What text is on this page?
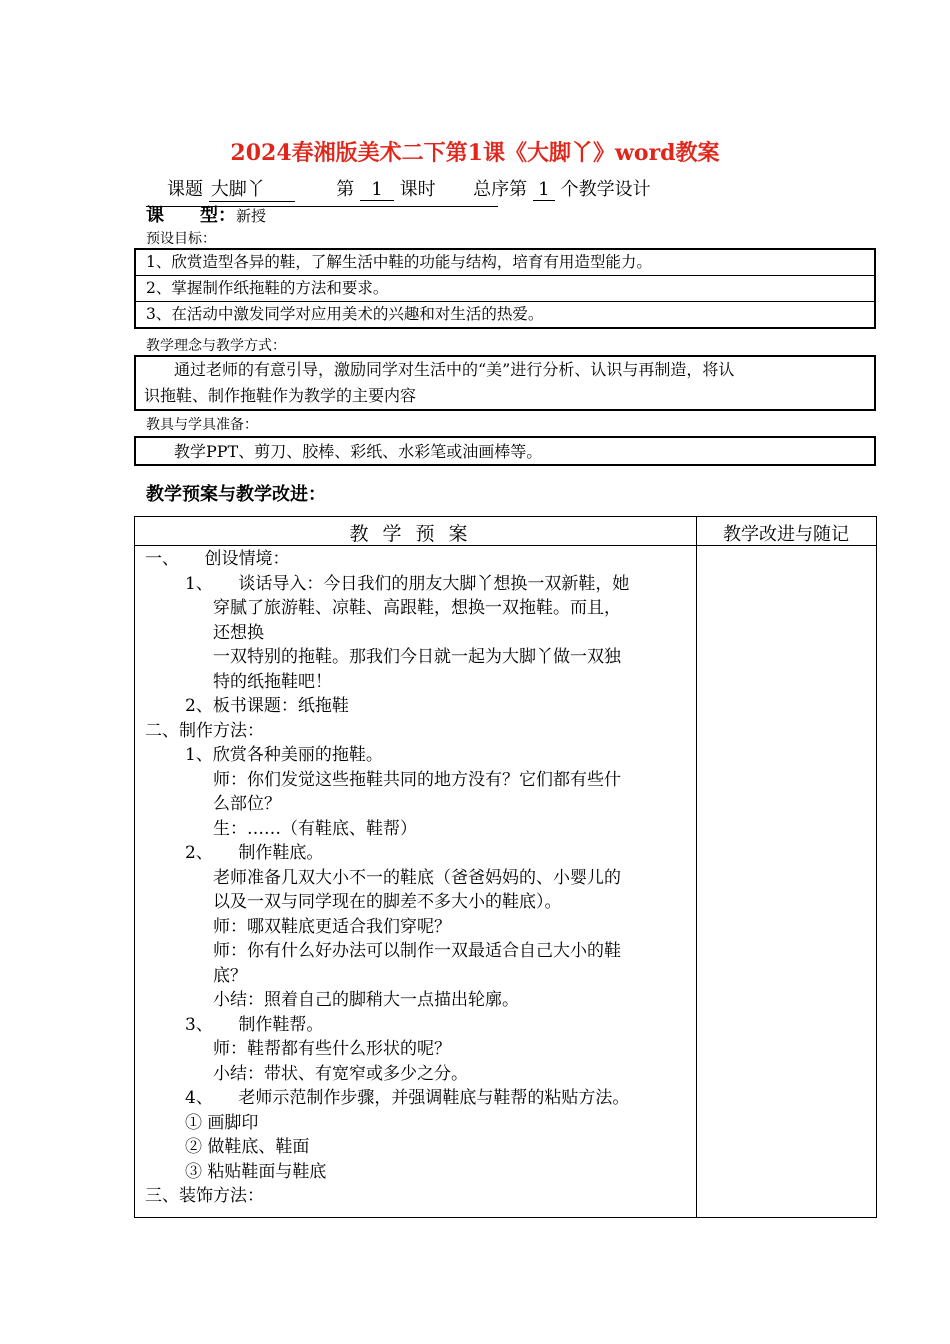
2024春湘版美术二下第1课《大脚丫》word教案
课题 大脚丫	第 1 课时 总序第 1 个教学设计
课　　型：新授
预设目标：
1、欣赏造型各异的鞋，了解生活中鞋的功能与结构，培育有用造型能力。
2、掌握制作纸拖鞋的方法和要求。
3、在活动中激发同学对应用美术的兴趣和对生活的热爱。
教学理念与教学方式：
通过老师的有意引导，激励同学对生活中的“美”进行分析、认识与再制造，将认
识拖鞋、制作拖鞋作为教学的主要内容
教具与学具准备：
教学PPT、剪刀、胶棒、彩纸、水彩笔或油画棒等。
教学预案与教学改进：
教学预案	教学改进与随记
一、　　创设情境：
1、　　谈话导入：今日我们的朋友大脚丫想换一双新鞋，她
穿腻了旅游鞋、凉鞋、高跟鞋，想换一双拖鞋。而且，
还想换
一双特别的拖鞋。那我们今日就一起为大脚丫做一双独
特的纸拖鞋吧！
2、板书课题：纸拖鞋
二、制作方法：
1、欣赏各种美丽的拖鞋。
师：你们发觉这些拖鞋共同的地方没有？它们都有些什
么部位？
生：……（有鞋底、鞋帮）
2、　　制作鞋底。
老师准备几双大小不一的鞋底（爸爸妈妈的、小婴儿的
以及一双与同学现在的脚差不多大小的鞋底）。
师：哪双鞋底更适合我们穿呢？
师：你有什么好办法可以制作一双最适合自己大小的鞋
底？
小结：照着自己的脚稍大一点描出轮廓。
3、　　制作鞋帮。
师：鞋帮都有些什么形状的呢？
小结：带状、有宽窄或多少之分。
4、　　老师示范制作步骤，并强调鞋底与鞋帮的粘贴方法。
① 画脚印
② 做鞋底、鞋面
③ 粘贴鞋面与鞋底
三、装饰方法：
